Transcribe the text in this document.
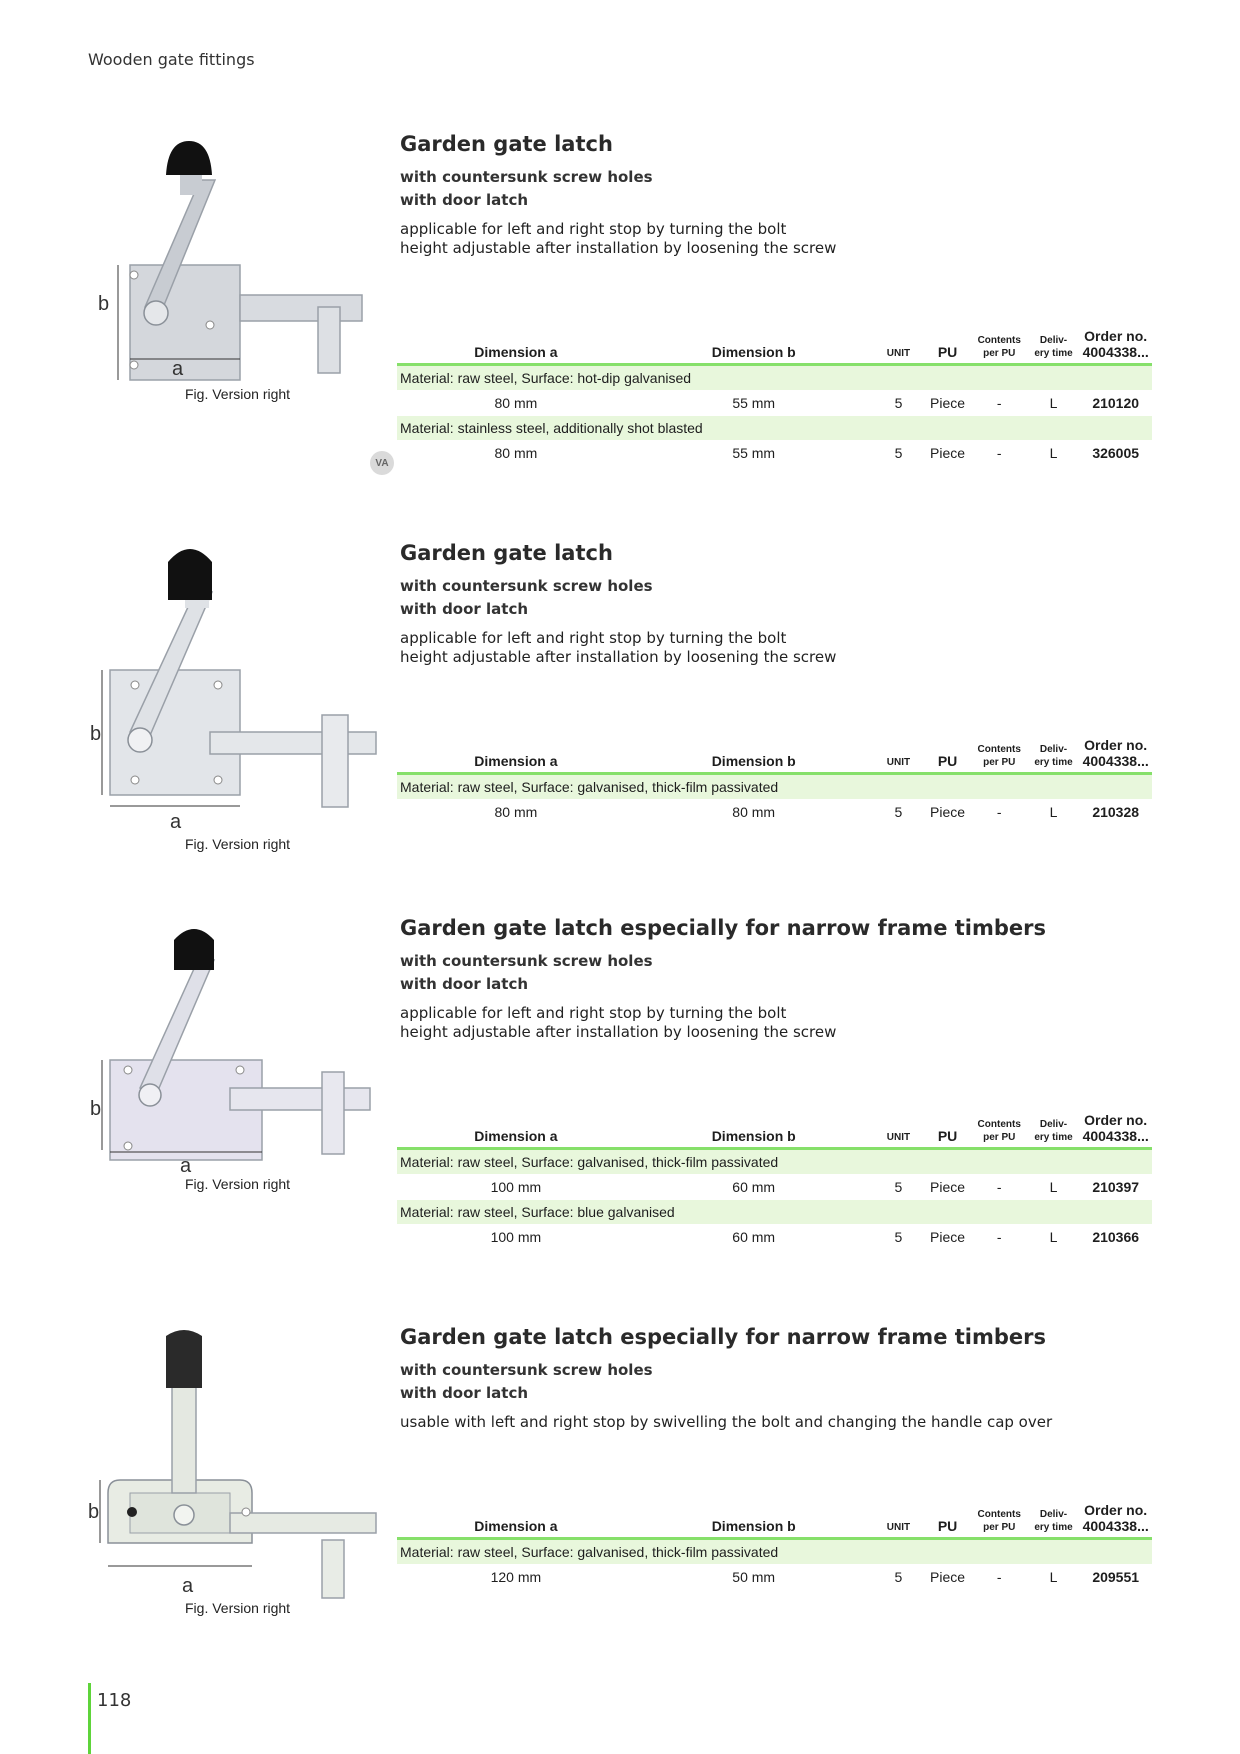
Wooden gate fittings
b
a
Fig. Version right
Garden gate latch
with countersunk screw holes
with door latch
applicable for left and right stop by turning the bolt
height adjustable after installation by loosening the screw
Dimension a	Dimension b	UNIT	PU	Contents
per PU	Deliv-
ery time	Order no.
4004338...
Material: raw steel, Surface: hot-dip galvanised						
80 mm	55 mm	5	Piece	-	L	210120
Material: stainless steel, additionally shot blasted						
80 mm	55 mm	5	Piece	-	L	326005
VA
b
a
Fig. Version right
Garden gate latch
with countersunk screw holes
with door latch
applicable for left and right stop by turning the bolt
height adjustable after installation by loosening the screw
Dimension a	Dimension b	UNIT	PU	Contents
per PU	Deliv-
ery time	Order no.
4004338...
Material: raw steel, Surface: galvanised, thick-film passivated						
80 mm	80 mm	5	Piece	-	L	210328
b
a
Fig. Version right
Garden gate latch especially for narrow frame timbers
with countersunk screw holes
with door latch
applicable for left and right stop by turning the bolt
height adjustable after installation by loosening the screw
Dimension a	Dimension b	UNIT	PU	Contents
per PU	Deliv-
ery time	Order no.
4004338...
Material: raw steel, Surface: galvanised, thick-film passivated						
100 mm	60 mm	5	Piece	-	L	210397
Material: raw steel, Surface: blue galvanised						
100 mm	60 mm	5	Piece	-	L	210366
b
a
Fig. Version right
Garden gate latch especially for narrow frame timbers
with countersunk screw holes
with door latch
usable with left and right stop by swivelling the bolt and changing the handle cap over
Dimension a	Dimension b	UNIT	PU	Contents
per PU	Deliv-
ery time	Order no.
4004338...
Material: raw steel, Surface: galvanised, thick-film passivated						
120 mm	50 mm	5	Piece	-	L	209551
118
